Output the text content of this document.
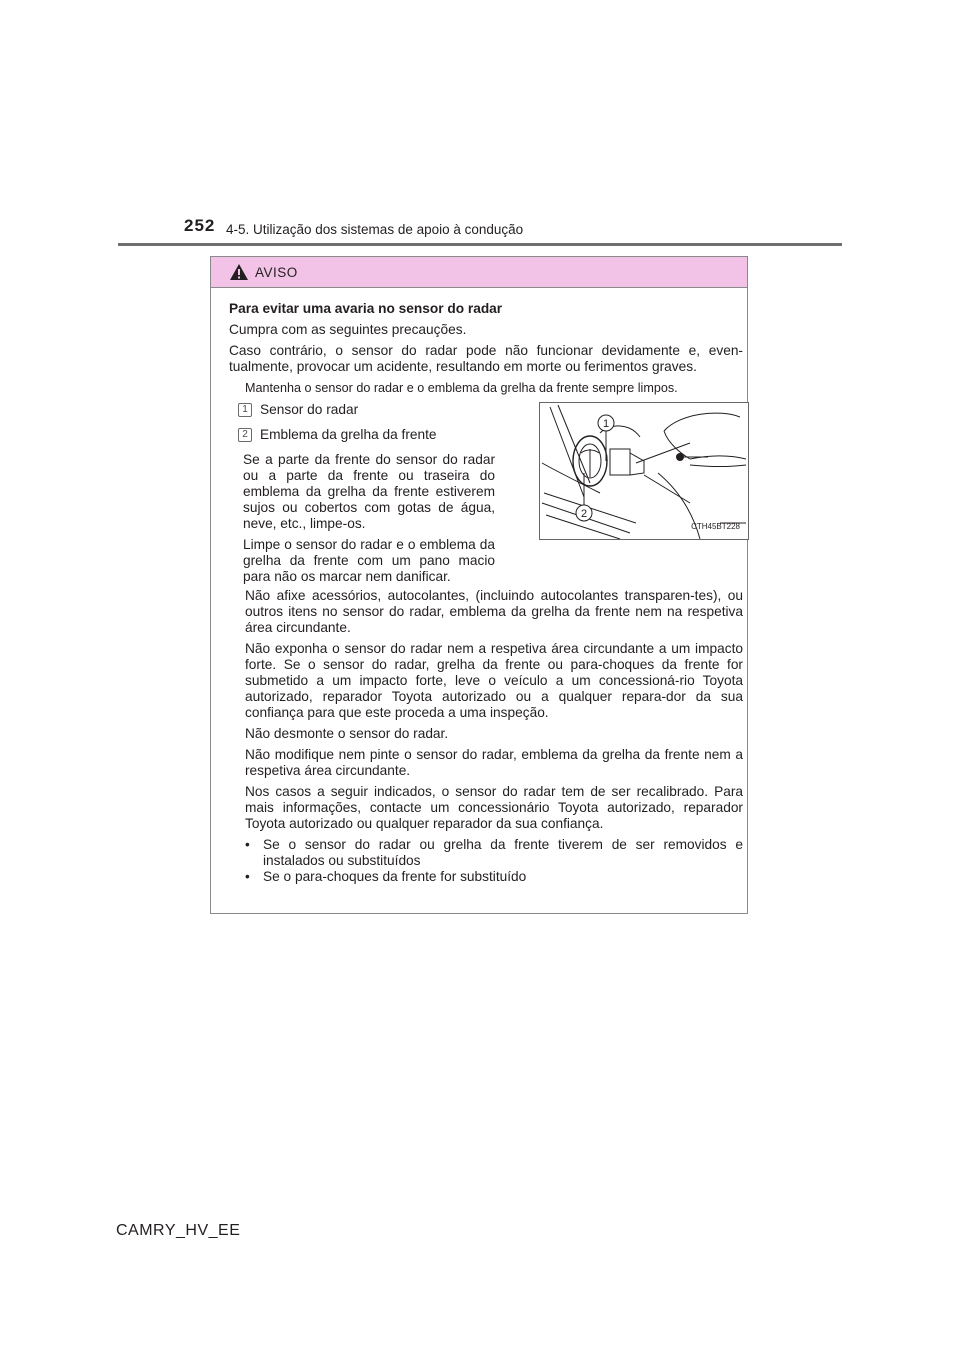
252 4-5. Utilização dos sistemas de apoio à condução
AVISO

Para evitar uma avaria no sensor do radar

Cumpra com as seguintes precauções.

Caso contrário, o sensor do radar pode não funcionar devidamente e, even-tualmente, provocar um acidente, resultando em morte ou ferimentos graves.

Mantenha o sensor do radar e o emblema da grelha da frente sempre limpos.

1 Sensor do radar
2 Emblema da grelha da frente

Se a parte da frente do sensor do radar ou a parte da frente ou traseira do emblema da grelha da frente estiverem sujos ou cobertos com gotas de água, neve, etc., limpe-os.

Limpe o sensor do radar e o emblema da grelha da frente com um pano macio para não os marcar nem danificar.

1
2
CTH45BT228

Não afixe acessórios, autocolantes, (incluindo autocolantes transparen-tes), ou outros itens no sensor do radar, emblema da grelha da frente nem na respetiva área circundante.

Não exponha o sensor do radar nem a respetiva área circundante a um impacto forte. Se o sensor do radar, grelha da frente ou para-choques da frente for submetido a um impacto forte, leve o veículo a um concessioná-rio Toyota autorizado, reparador Toyota autorizado ou a qualquer repara-dor da sua confiança para que este proceda a uma inspeção.

Não desmonte o sensor do radar.

Não modifique nem pinte o sensor do radar, emblema da grelha da frente nem a respetiva área circundante.

Nos casos a seguir indicados, o sensor do radar tem de ser recalibrado. Para mais informações, contacte um concessionário Toyota autorizado, reparador Toyota autorizado ou qualquer reparador da sua confiança.

• Se o sensor do radar ou grelha da frente tiverem de ser removidos e instalados ou substituídos
• Se o para-choques da frente for substituído
CAMRY_HV_EE
